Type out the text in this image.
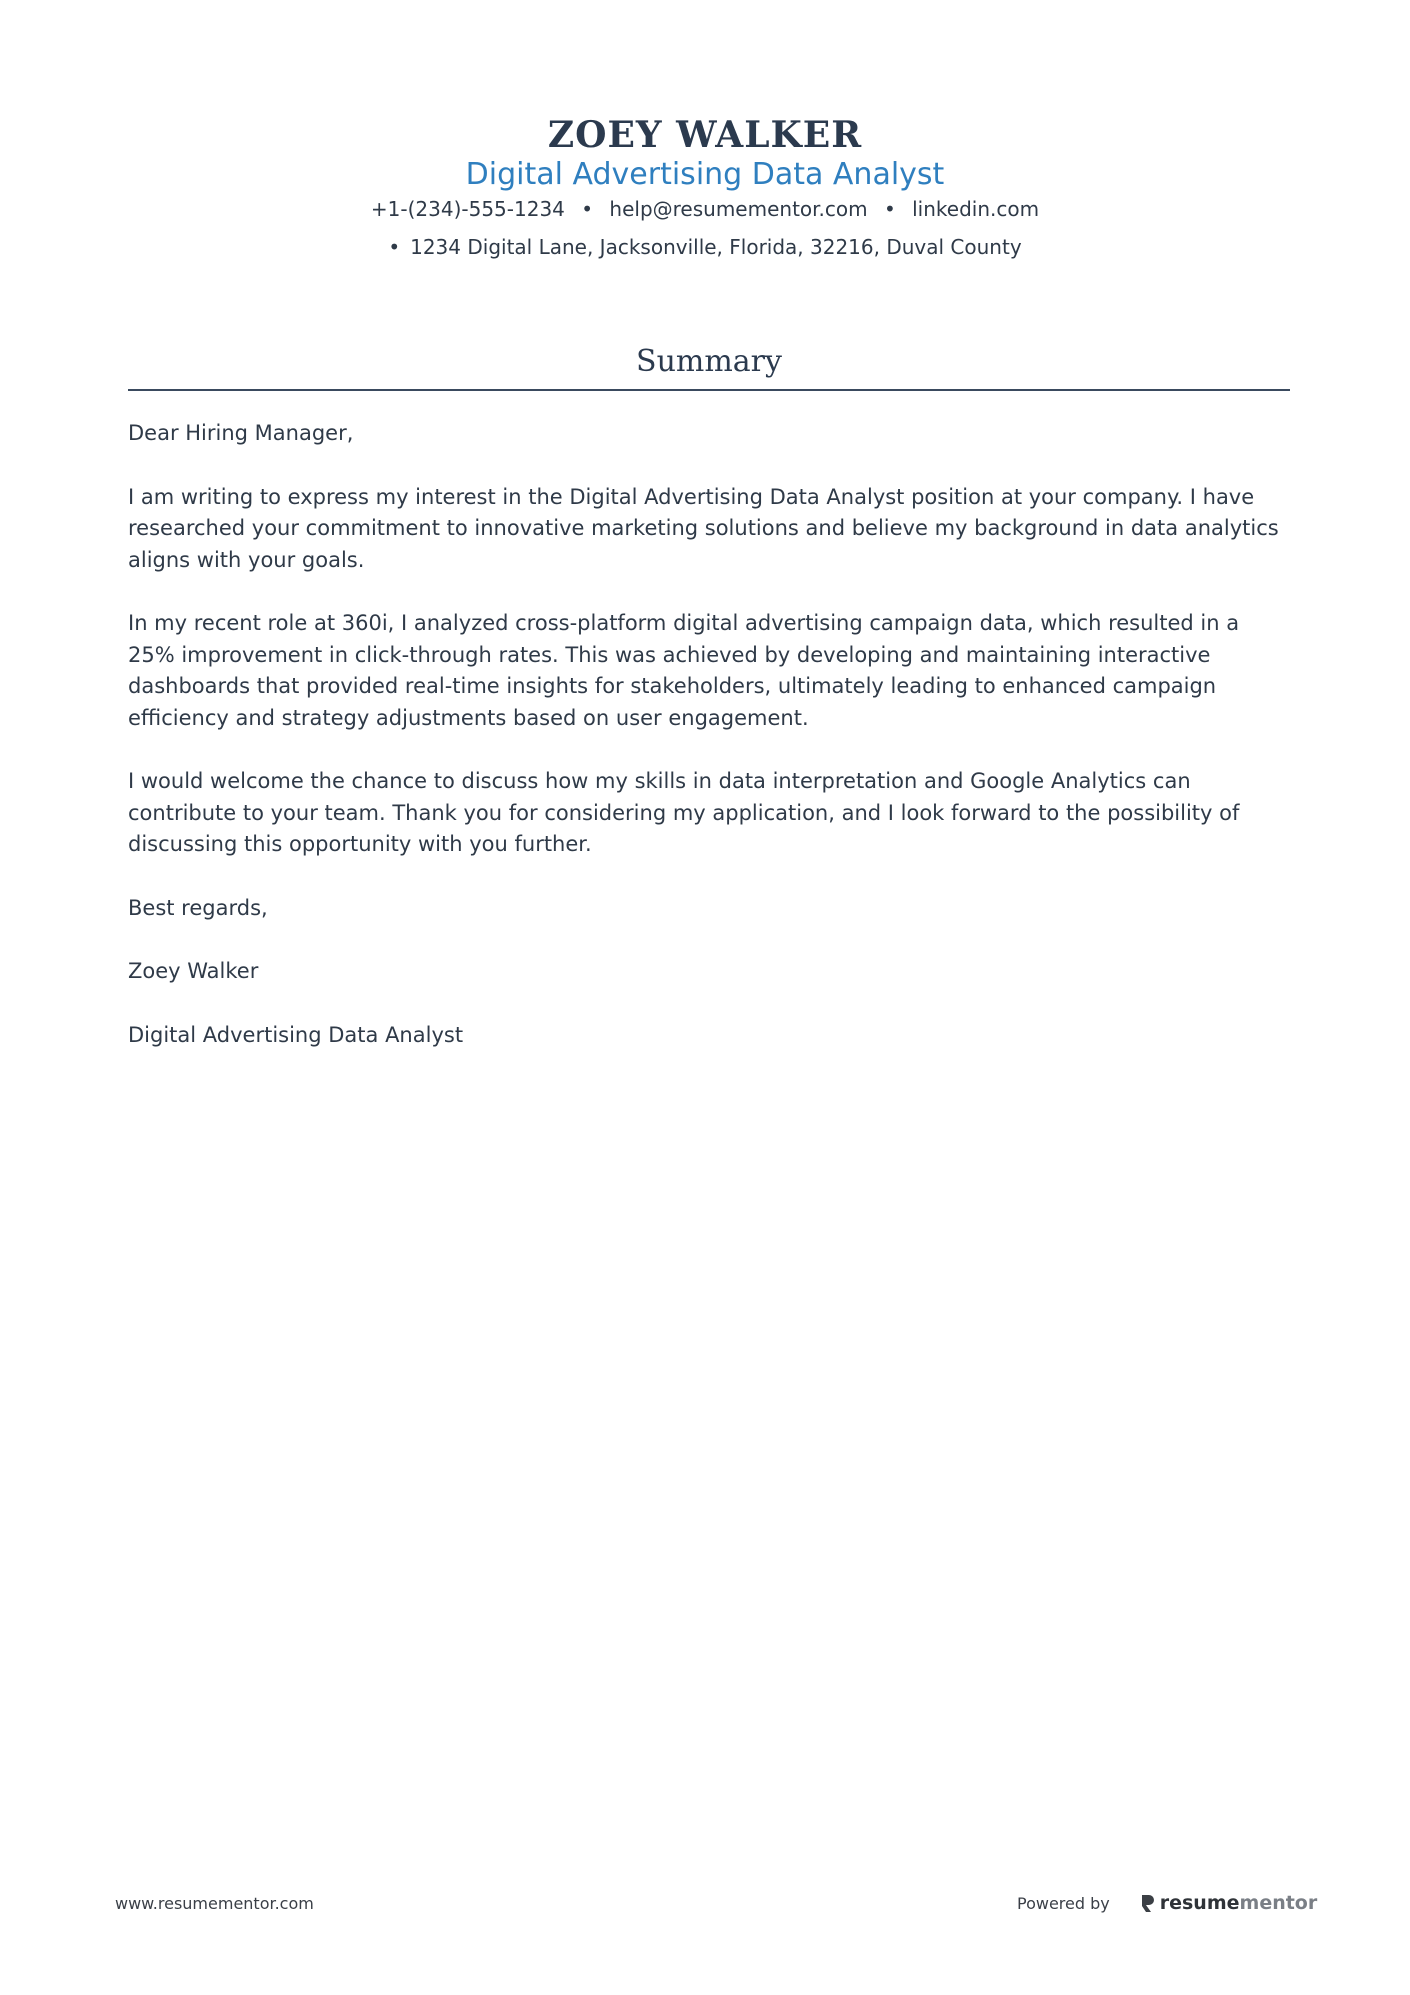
ZOEY WALKER
Digital Advertising Data Analyst
+1-(234)-555-1234 • help@resumementor.com • linkedin.com
• 1234 Digital Lane, Jacksonville, Florida, 32216, Duval County
Summary

Dear Hiring Manager,

I am writing to express my interest in the Digital Advertising Data Analyst position at your company. I have researched your commitment to innovative marketing solutions and believe my background in data analytics aligns with your goals.

In my recent role at 360i, I analyzed cross-platform digital advertising campaign data, which resulted in a 25% improvement in click-through rates. This was achieved by developing and maintaining interactive dashboards that provided real-time insights for stakeholders, ultimately leading to enhanced campaign efficiency and strategy adjustments based on user engagement.

I would welcome the chance to discuss how my skills in data interpretation and Google Analytics can contribute to your team. Thank you for considering my application, and I look forward to the possibility of discussing this opportunity with you further.

Best regards,

Zoey Walker

Digital Advertising Data Analyst

www.resumementor.com	Powered by	resume mentor
